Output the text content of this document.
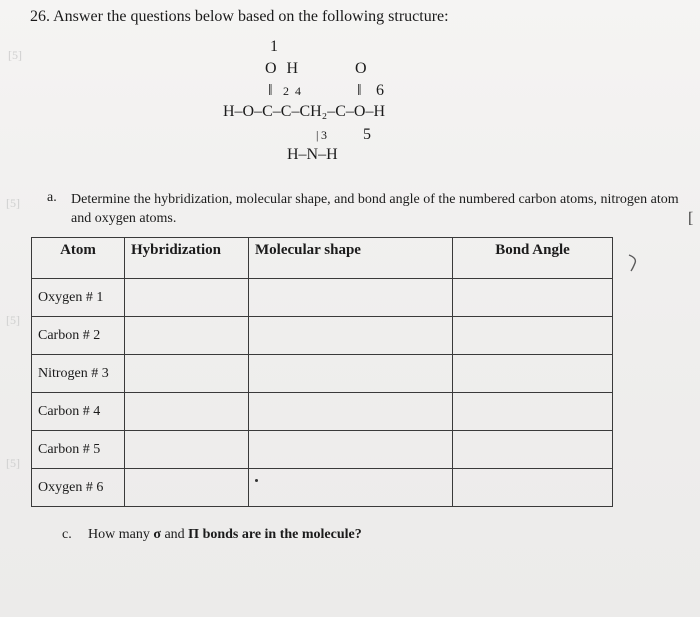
26. Answer the questions below based on the following structure:
[5]
[5]
[5]
[5]
1
O H	O
‖ 2 4	‖ 6
H–O–C–C–CH₂–C–O–H
| 3 5
H–N–H
a. Determine the hybridization, molecular shape, and bond angle of the numbered carbon atoms, nitrogen atom
and oxygen atoms.	[
Atom	Hybridization	Molecular shape	Bond Angle
Oxygen # 1			
Carbon # 2			
Nitrogen # 3			
Carbon # 4			
Carbon # 5			
Oxygen # 6			
c. How many σ and Π bonds are in the molecule?
